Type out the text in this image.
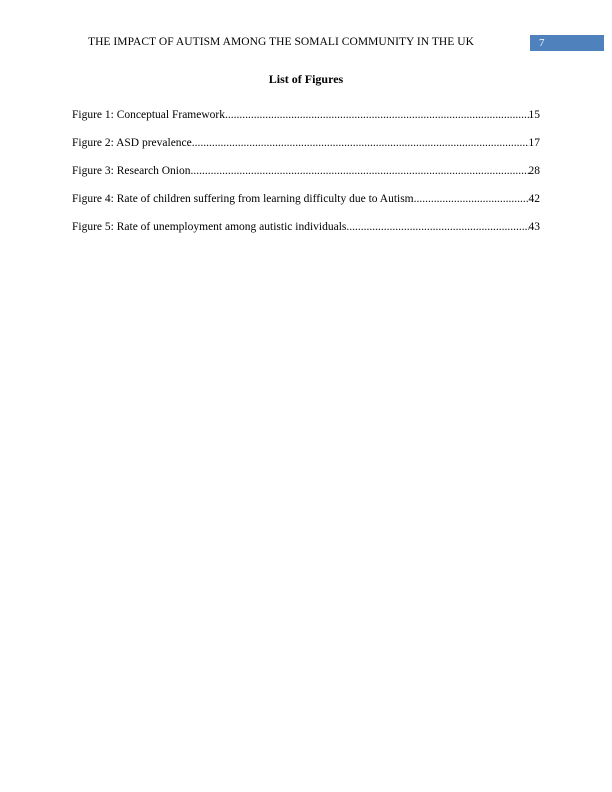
THE IMPACT OF AUTISM AMONG THE SOMALI COMMUNITY IN THE UK	7
List of Figures
Figure 1: Conceptual Framework .....	15
Figure 2: ASD prevalence .....	17
Figure 3: Research Onion .....	28
Figure 4: Rate of children suffering from learning difficulty due to Autism .....	42
Figure 5: Rate of unemployment among autistic individuals .....	43
